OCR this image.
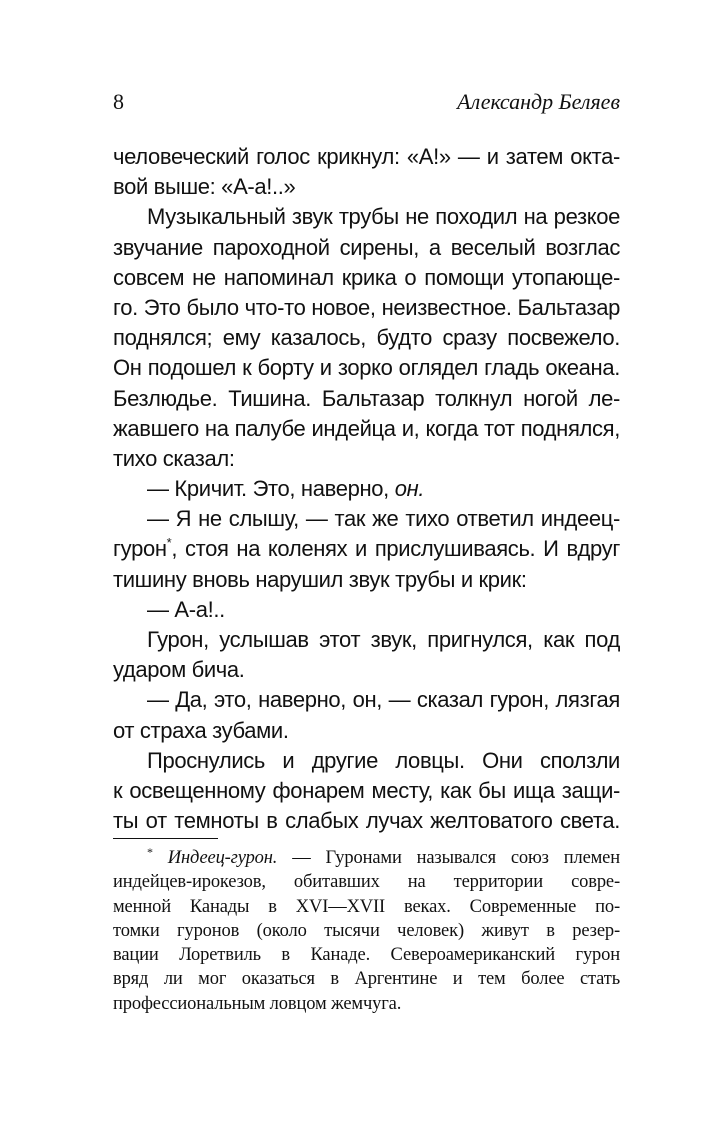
8	Александр Беляев
человеческий голос крикнул: «А!» — и затем окта-
вой выше: «А-а!..»
Музыкальный звук трубы не походил на резкое
звучание пароходной сирены, а веселый возглас
совсем не напоминал крика о помощи утопающе-
го. Это было что-то новое, неизвестное. Бальтазар
поднялся; ему казалось, будто сразу посвежело.
Он подошел к борту и зорко оглядел гладь океана.
Безлюдье. Тишина. Бальтазар толкнул ногой ле-
жавшего на палубе индейца и, когда тот поднялся,
тихо сказал:
— Кричит. Это, наверно, он.
— Я не слышу, — так же тихо ответил индеец-
гурон*, стоя на коленях и прислушиваясь. И вдруг
тишину вновь нарушил звук трубы и крик:
— А-а!..
Гурон, услышав этот звук, пригнулся, как под
ударом бича.
— Да, это, наверно, он, — сказал гурон, лязгая
от страха зубами.
Проснулись и другие ловцы. Они сползли
к освещенному фонарем месту, как бы ища защи-
ты от темноты в слабых лучах желтоватого света.
* Индеец-гурон. — Гуронами назывался союз племен
индейцев-ирокезов, обитавших на территории совре-
менной Канады в XVI—XVII веках. Современные по-
томки гуронов (около тысячи человек) живут в резер-
вации Лоретвиль в Канаде. Североамериканский гурон
вряд ли мог оказаться в Аргентине и тем более стать
профессиональным ловцом жемчуга.
